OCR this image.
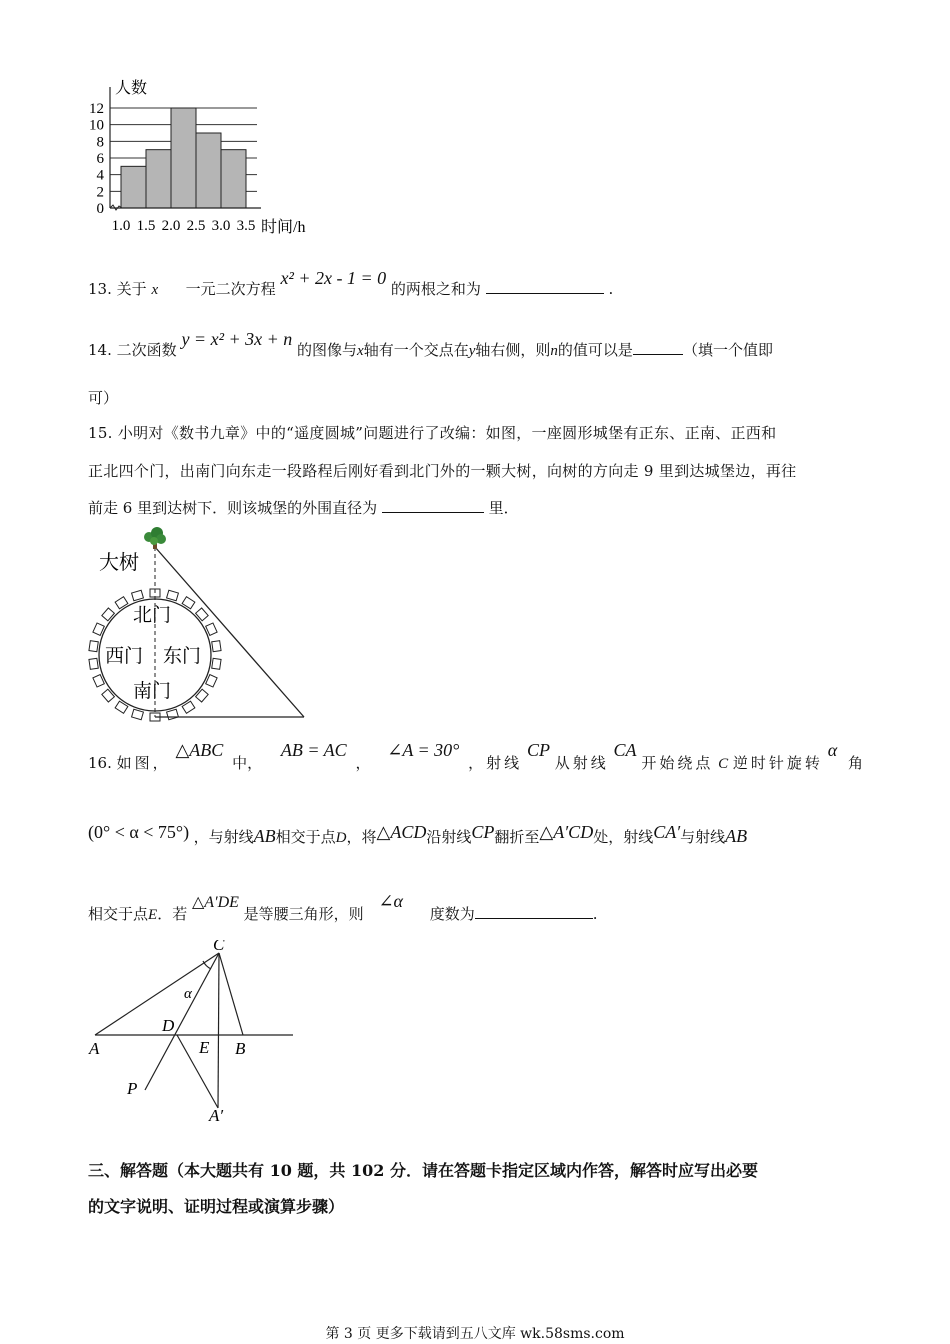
0
2
4
6
8
10
12
1.0 1.5 2.0 2.5 3.0 3.5
人数
时间/h
13. 关于 x 一元二次方程 x² + 2x - 1 = 0 的两根之和为	.
14. 二次函数 y = x² + 3x + n 的图像与x轴有一个交点在y轴右侧，则n的值可以是	（填一个值即
可）
15. 小明对《数书九章》中的“遥度圆城”问题进行了改编：如图，一座圆形城堡有正东、正南、正西和
正北四个门，出南门向东走一段路程后刚好看到北门外的一颗大树，向树的方向走 9 里到达城堡边，再往
前走 6 里到达树下．则该城堡的外围直径为	里．
大树
北门
西门 东门
南门
16. 如图， △ABC 中， AB = AC ， ∠A = 30° ，射线 CP 从射线 CA 开始绕点 C 逆时针旋转 α 角
(0° < α < 75°) ，与射线AB相交于点D，将△ACD沿射线CP翻折至△A′CD处，射线CA′与射线AB
相交于点E．若 △A′DE 是等腰三角形，则 ∠α 度数为	.
C
α
D
A	E B
P
A′
三、解答题（本大题共有 10 题，共 102 分．请在答题卡指定区域内作答，解答时应写出必要
的文字说明、证明过程或演算步骤）
第 3 页 更多下载请到五八文库 wk.58sms.com
